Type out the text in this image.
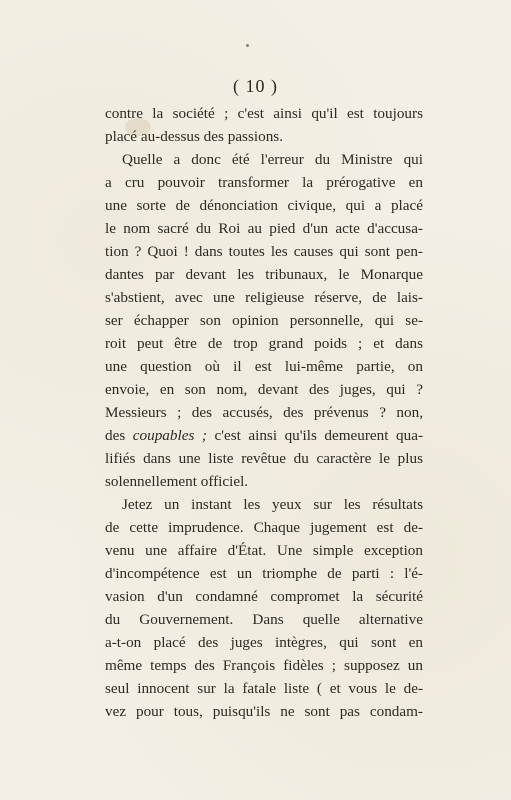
( 10 )

contre la société ; c'est ainsi qu'il est toujours
placé au-dessus des passions.

Quelle a donc été l'erreur du Ministre qui
a cru pouvoir transformer la prérogative en
une sorte de dénonciation civique, qui a placé
le nom sacré du Roi au pied d'un acte d'accusa-
tion ? Quoi ! dans toutes les causes qui sont pen-
dantes par devant les tribunaux, le Monarque
s'abstient, avec une religieuse réserve, de lais-
ser échapper son opinion personnelle, qui se-
roit peut être de trop grand poids ; et dans
une question où il est lui-même partie, on
envoie, en son nom, devant des juges, qui ?
Messieurs ; des accusés, des prévenus ? non,
des coupables ; c'est ainsi qu'ils demeurent qua-
lifiés dans une liste revêtue du caractère le plus
solennellement officiel.

Jetez un instant les yeux sur les résultats
de cette imprudence. Chaque jugement est de-
venu une affaire d'État. Une simple exception
d'incompétence est un triomphe de parti : l'é-
vasion d'un condamné compromet la sécurité
du Gouvernement. Dans quelle alternative
a-t-on placé des juges intègres, qui sont en
même temps des François fidèles ; supposez un
seul innocent sur la fatale liste ( et vous le de-
vez pour tous, puisqu'ils ne sont pas condam-
